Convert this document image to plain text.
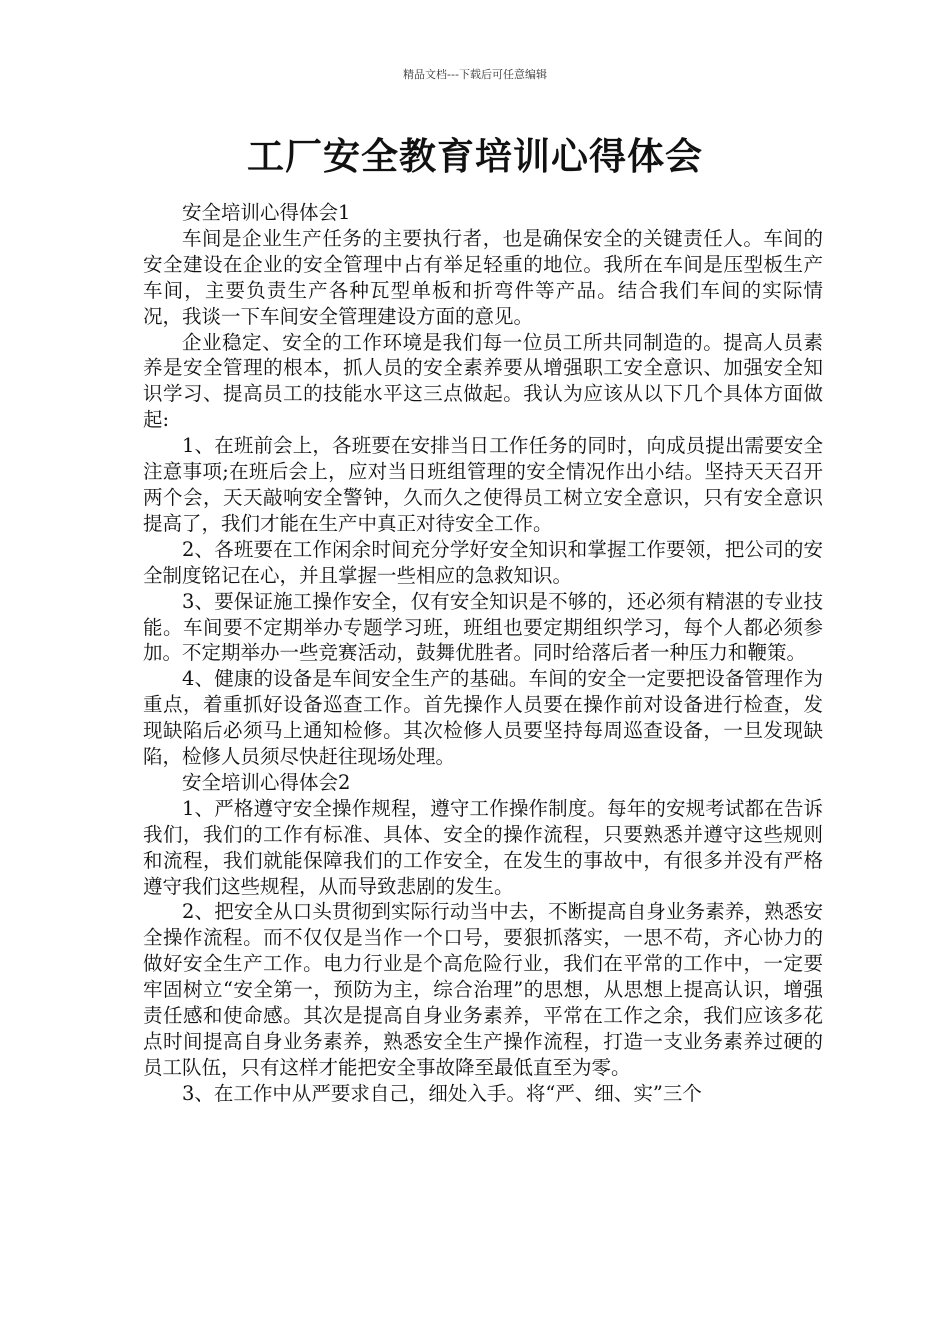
精品文档---下载后可任意编辑
工厂安全教育培训心得体会

安全培训心得体会1

车间是企业生产任务的主要执行者，也是确保安全的关键责任人。车间的安全建设在企业的安全管理中占有举足轻重的地位。我所在车间是压型板生产车间，主要负责生产各种瓦型单板和折弯件等产品。结合我们车间的实际情况，我谈一下车间安全管理建设方面的意见。

企业稳定、安全的工作环境是我们每一位员工所共同制造的。提高人员素养是安全管理的根本，抓人员的安全素养要从增强职工安全意识、加强安全知识学习、提高员工的技能水平这三点做起。我认为应该从以下几个具体方面做起:

1、在班前会上，各班要在安排当日工作任务的同时，向成员提出需要安全注意事项;在班后会上，应对当日班组管理的安全情况作出小结。坚持天天召开两个会，天天敲响安全警钟，久而久之使得员工树立安全意识，只有安全意识提高了，我们才能在生产中真正对待安全工作。

2、各班要在工作闲余时间充分学好安全知识和掌握工作要领，把公司的安全制度铭记在心，并且掌握一些相应的急救知识。

3、要保证施工操作安全，仅有安全知识是不够的，还必须有精湛的专业技能。车间要不定期举办专题学习班，班组也要定期组织学习，每个人都必须参加。不定期举办一些竞赛活动，鼓舞优胜者。同时给落后者一种压力和鞭策。

4、健康的设备是车间安全生产的基础。车间的安全一定要把设备管理作为重点，着重抓好设备巡查工作。首先操作人员要在操作前对设备进行检查，发现缺陷后必须马上通知检修。其次检修人员要坚持每周巡查设备，一旦发现缺陷，检修人员须尽快赶往现场处理。

安全培训心得体会2

1、严格遵守安全操作规程，遵守工作操作制度。每年的安规考试都在告诉我们，我们的工作有标准、具体、安全的操作流程，只要熟悉并遵守这些规则和流程，我们就能保障我们的工作安全，在发生的事故中，有很多并没有严格遵守我们这些规程，从而导致悲剧的发生。

2、把安全从口头贯彻到实际行动当中去，不断提高自身业务素养，熟悉安全操作流程。而不仅仅是当作一个口号，要狠抓落实，一思不苟，齐心协力的做好安全生产工作。电力行业是个高危险行业，我们在平常的工作中，一定要牢固树立“安全第一，预防为主，综合治理”的思想，从思想上提高认识，增强责任感和使命感。其次是提高自身业务素养，平常在工作之余，我们应该多花点时间提高自身业务素养，熟悉安全生产操作流程，打造一支业务素养过硬的员工队伍，只有这样才能把安全事故降至最低直至为零。

3、在工作中从严要求自己，细处入手。将“严、细、实”三个
